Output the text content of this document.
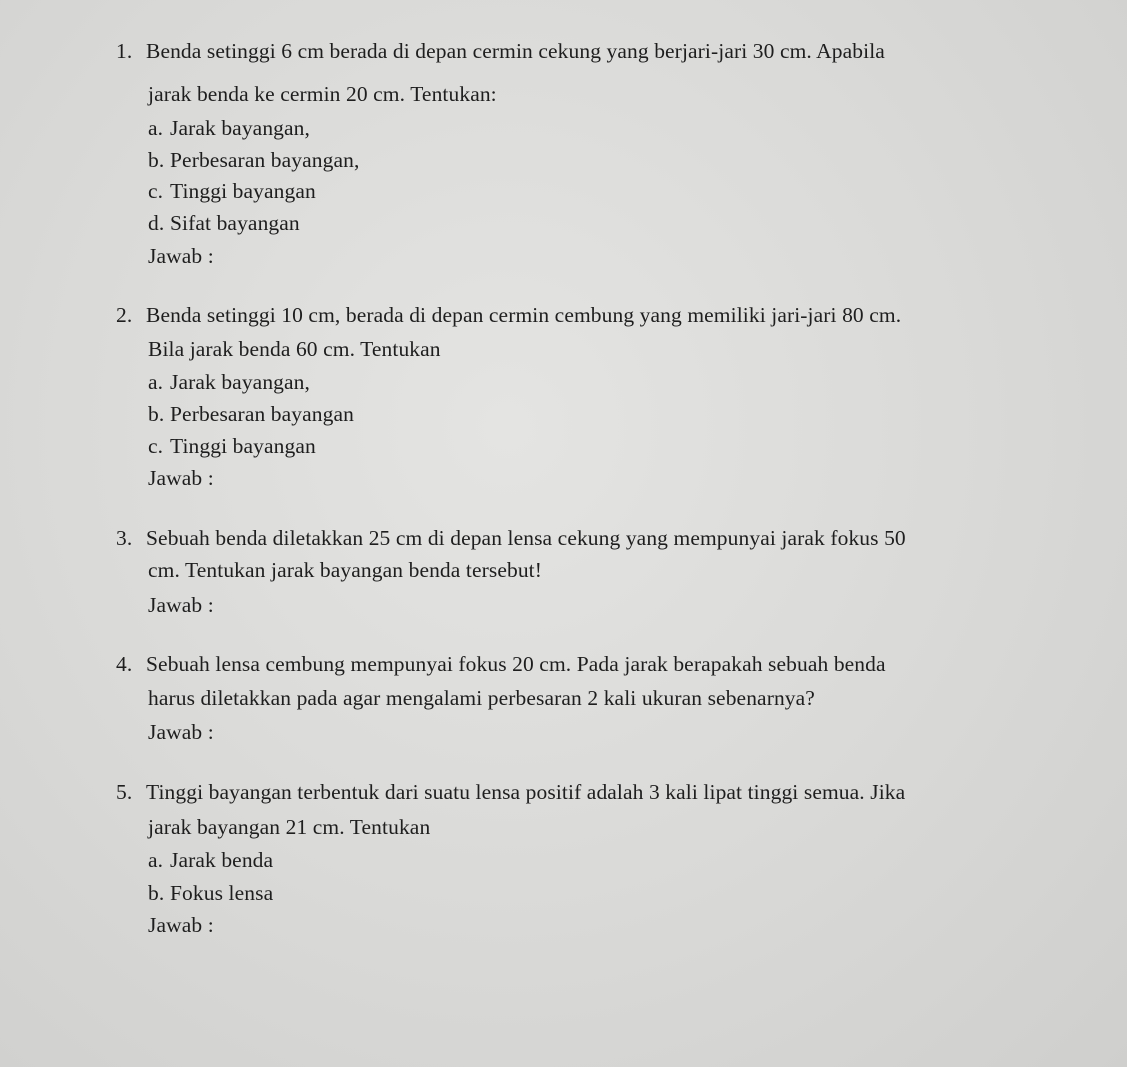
1. Benda setinggi 6 cm berada di depan cermin cekung yang berjari-jari 30 cm. Apabila
jarak benda ke cermin 20 cm. Tentukan:
a. Jarak bayangan,
b. Perbesaran bayangan,
c. Tinggi bayangan
d. Sifat bayangan
Jawab :
2. Benda setinggi 10 cm, berada di depan cermin cembung yang memiliki jari-jari 80 cm.
Bila jarak benda 60 cm. Tentukan
a. Jarak bayangan,
b. Perbesaran bayangan
c. Tinggi bayangan
Jawab :
3. Sebuah benda diletakkan 25 cm di depan lensa cekung yang mempunyai jarak fokus 50
cm. Tentukan jarak bayangan benda tersebut!
Jawab :
4. Sebuah lensa cembung mempunyai fokus 20 cm. Pada jarak berapakah sebuah benda
harus diletakkan pada agar mengalami perbesaran 2 kali ukuran sebenarnya?
Jawab :
5. Tinggi bayangan terbentuk dari suatu lensa positif adalah 3 kali lipat tinggi semua. Jika
jarak bayangan 21 cm. Tentukan
a. Jarak benda
b. Fokus lensa
Jawab :
